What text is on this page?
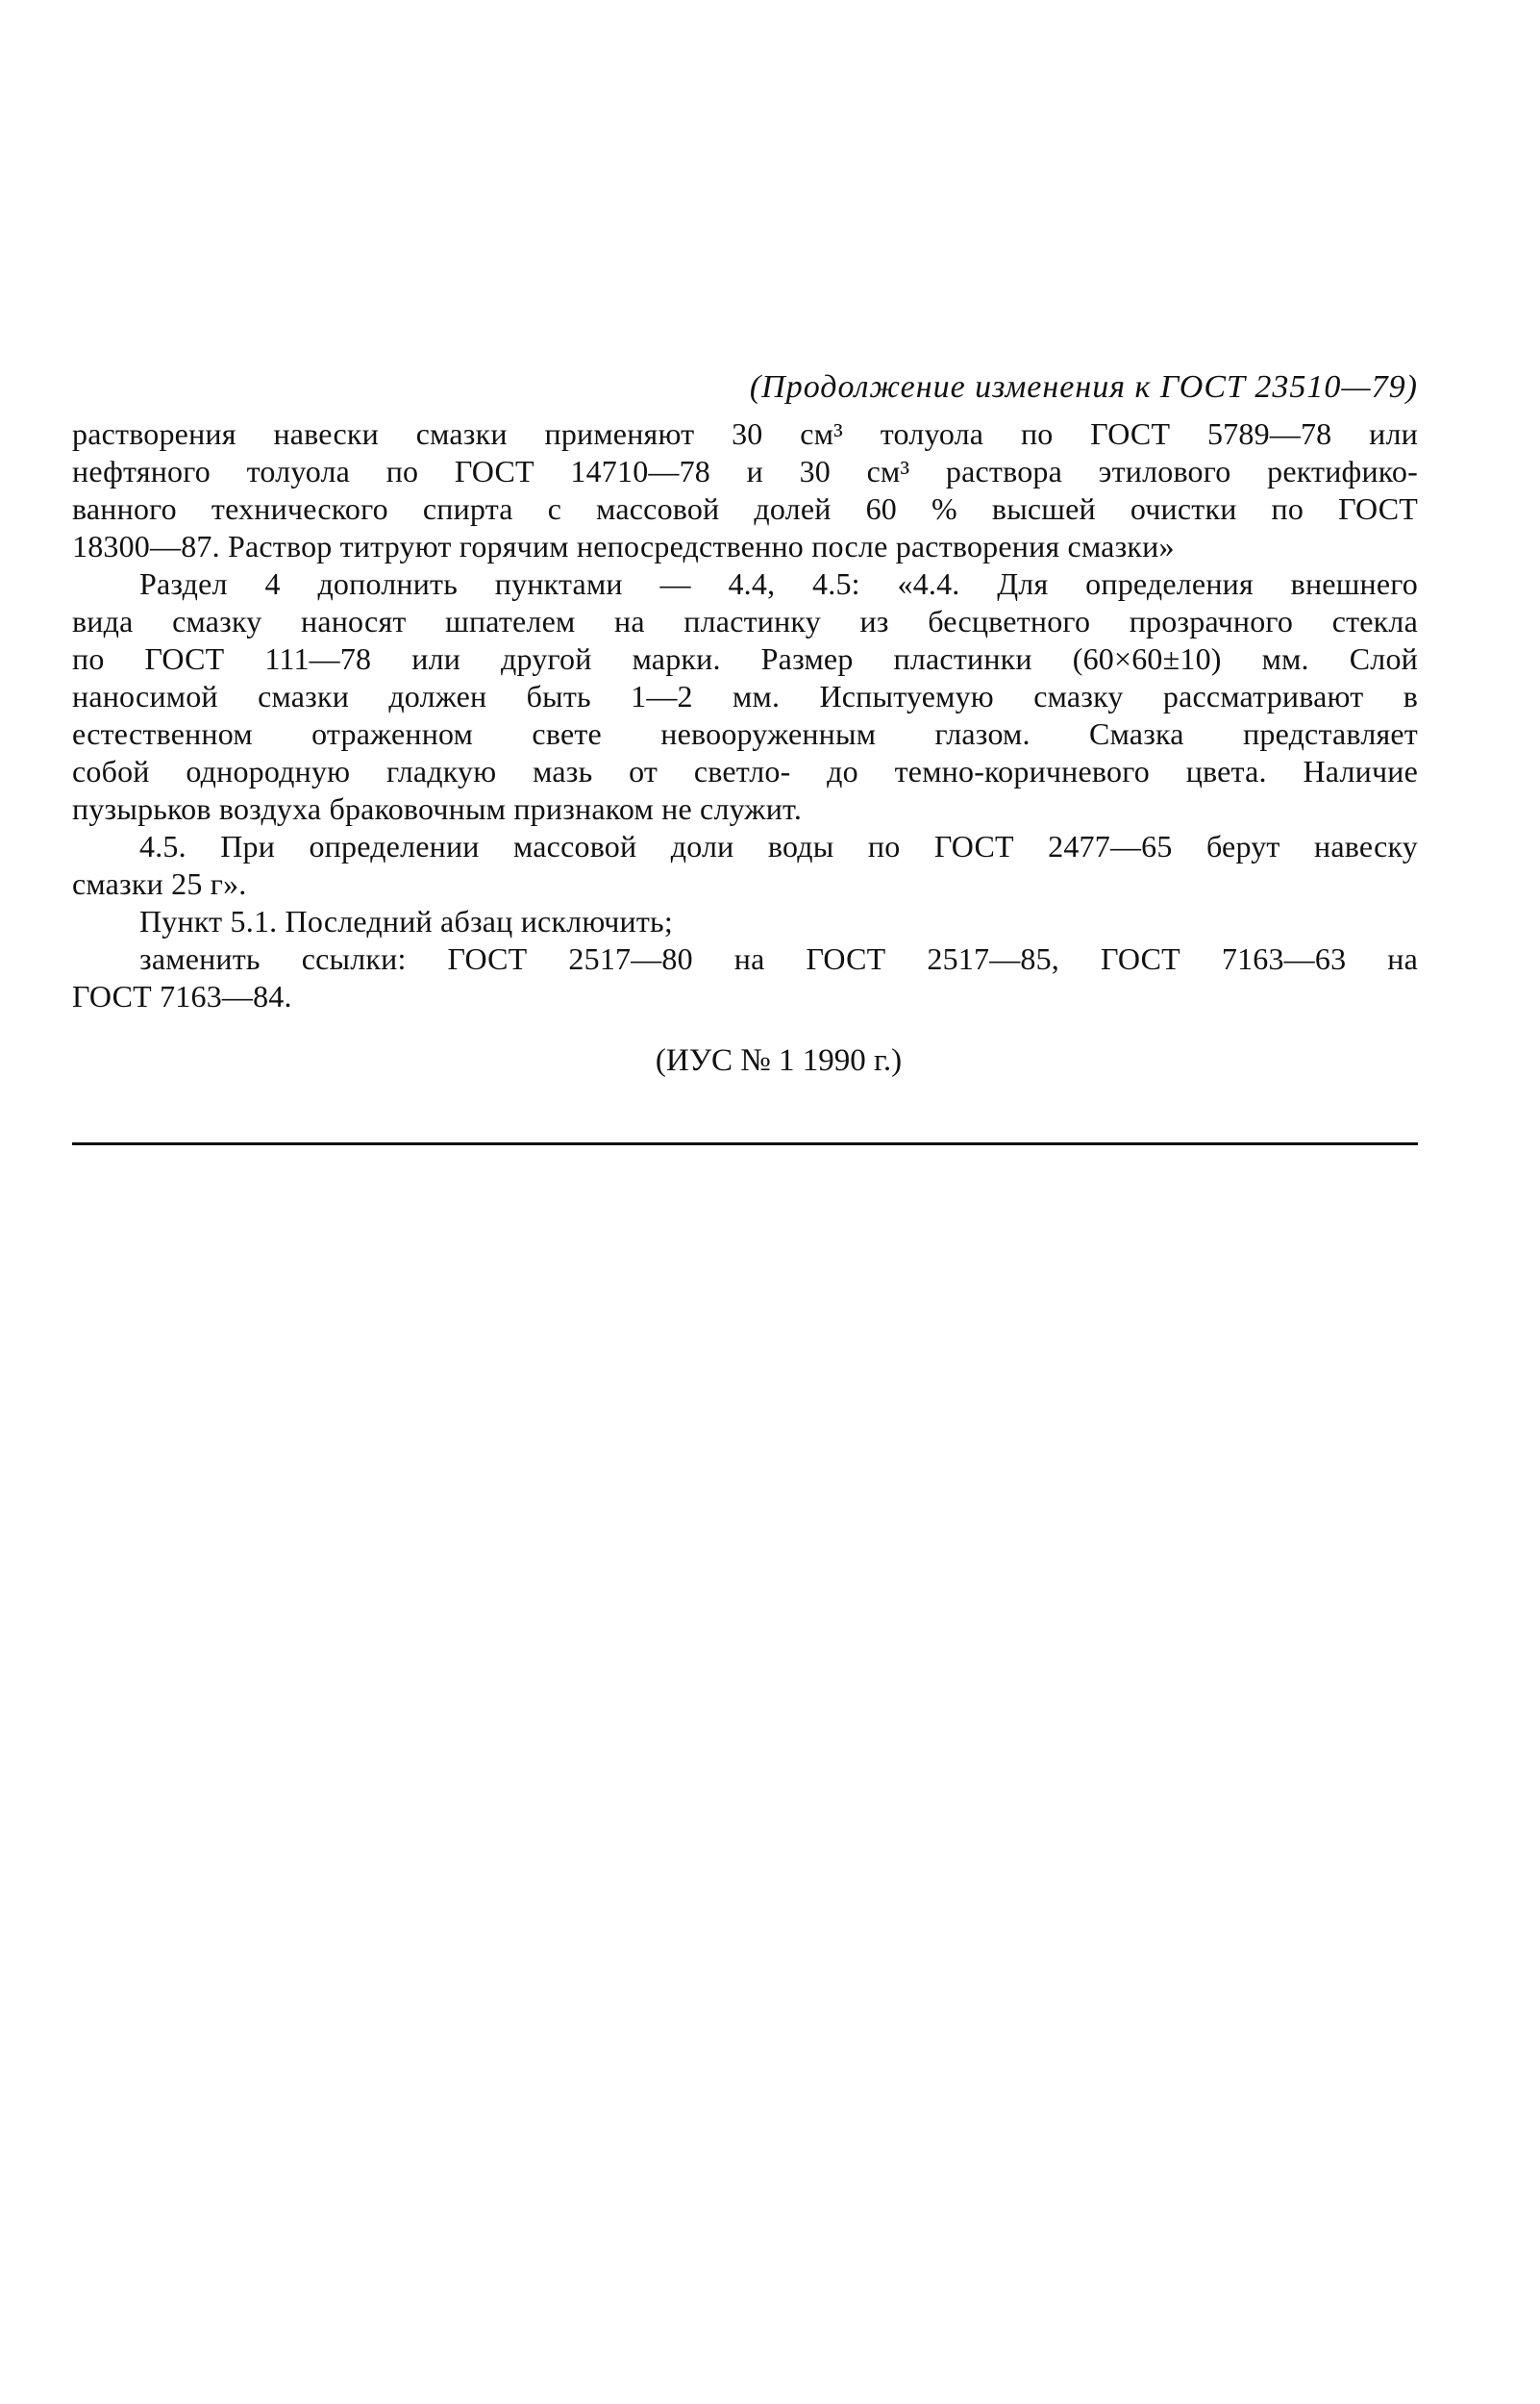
(Продолжение изменения к ГОСТ 23510—79)

растворения навески смазки применяют 30 см³ толуола по ГОСТ 5789—78 или
нефтяного толуола по ГОСТ 14710—78 и 30 см³ раствора этилового ректифико-
ванного технического спирта с массовой долей 60 % высшей очистки по ГОСТ
18300—87. Раствор титруют горячим непосредственно после растворения смазки»

Раздел 4 дополнить пунктами — 4.4, 4.5: «4.4. Для определения внешнего
вида смазку наносят шпателем на пластинку из бесцветного прозрачного стекла
по ГОСТ 111—78 или другой марки. Размер пластинки (60×60±10) мм. Слой
наносимой смазки должен быть 1—2 мм. Испытуемую смазку рассматривают в
естественном отраженном свете невооруженным глазом. Смазка представляет
собой однородную гладкую мазь от светло- до темно-коричневого цвета. Наличие
пузырьков воздуха браковочным признаком не служит.

4.5. При определении массовой доли воды по ГОСТ 2477—65 берут навеску
смазки 25 г».

Пункт 5.1. Последний абзац исключить;

заменить ссылки: ГОСТ 2517—80 на ГОСТ 2517—85, ГОСТ 7163—63 на
ГОСТ 7163—84.

(ИУС № 1 1990 г.)
